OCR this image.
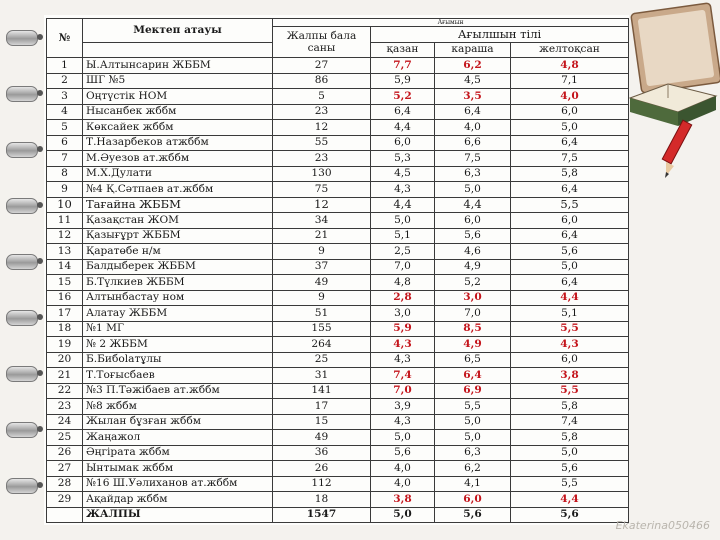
№	Мектеп атауы	Ағымын			
		Жалпы бала саны	Ағылшын тілі		
			қазан	караша	желтоқсан
1	Ы.Алтынсарин ЖББМ	27	7,7	6,2	4,8
2	ШГ №5	86	5,9	4,5	7,1
3	Оңтүстік НОМ	5	5,2	3,5	4,0
4	Нысанбек жббм	23	6,4	6,4	6,0
5	Көксайек жббм	12	4,4	4,0	5,0
6	Т.Назарбеков атжббм	55	6,0	6,6	6,4
7	М.Әуезов ат.жббм	23	5,3	7,5	7,5
8	М.Х.Дулати	130	4,5	6,3	5,8
9	№4 Қ.Сәтпаев ат.жббм	75	4,3	5,0	6,4
10	Тағайна ЖББМ	12	4,4	4,4	5,5
11	Қазақстан ЖОМ	34	5,0	6,0	6,0
12	Қазығұрт ЖББМ	21	5,1	5,6	6,4
13	Қаратөбе н/м	9	2,5	4,6	5,6
14	Балдыберек ЖББМ	37	7,0	4,9	5,0
15	Б.Түлкиев ЖББМ	49	4,8	5,2	6,4
16	Алтынбастау ном	9	2,8	3,0	4,4
17	Алатау ЖББМ	51	3,0	7,0	5,1
18	№1 МГ	155	5,9	8,5	5,5
19	№ 2 ЖББМ	264	4,3	4,9	4,3
20	Б.Бибolатұлы	25	4,3	6,5	6,0
21	Т.Тоғысбаев	31	7,4	6,4	3,8
22	№3 П.Тәжібаев ат.жббм	141	7,0	6,9	5,5
23	№8 жббм	17	3,9	5,5	5,8
24	Жылан бұзған жббм	15	4,3	5,0	7,4
25	Жаңажол	49	5,0	5,0	5,8
26	Әңгірата жббм	36	5,6	6,3	5,0
27	Ынтымак жббм	26	4,0	6,2	5,6
28	№16 Ш.Уәлиханов ат.жббм	112	4,0	4,1	5,5
29	Ақайдар жббм	18	3,8	6,0	4,4
	ЖАЛПЫ	1547	5,0	5,6	5,6
Ekaterina050466
